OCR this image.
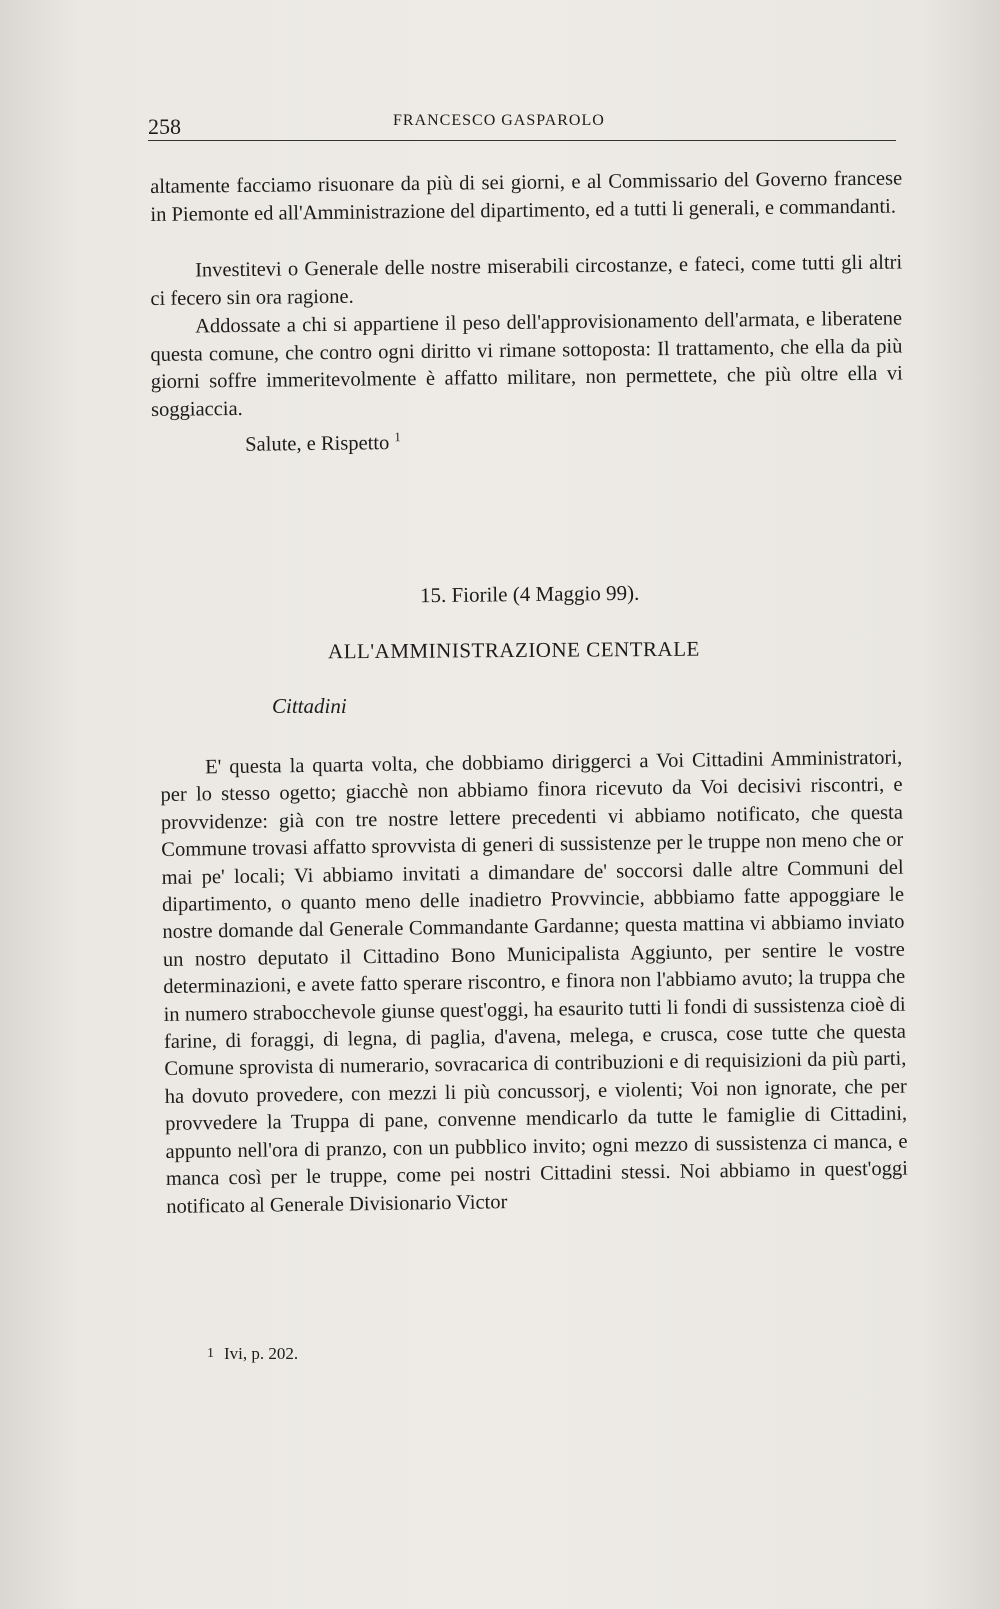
258	FRANCESCO GASPAROLO

altamente facciamo risuonare da più di sei giorni, e al Commissario del Governo francese in Piemonte ed all'Amministrazione del dipartimento, ed a tutti li generali, e commandanti.

Investitevi o Generale delle nostre miserabili circostanze, e fateci, come tutti gli altri ci fecero sin ora ragione.

Addossate a chi si appartiene il peso dell'approvisionamento dell'armata, e liberatene questa comune, che contro ogni diritto vi rimane sottoposta: Il trattamento, che ella da più giorni soffre immeritevolmente è affatto militare, non permettete, che più oltre ella vi soggiaccia.

Salute, e Rispetto $^1$

15. Fiorile (4 Maggio 99).
ALL'AMMINISTRAZIONE CENTRALE
Cittadini

E' questa la quarta volta, che dobbiamo diriggerci a Voi Cittadini Amministratori, per lo stesso ogetto; giacchè non abbiamo finora ricevuto da Voi decisivi riscontri, e provvidenze: già con tre nostre lettere precedenti vi abbiamo notificato, che questa Commune trovasi affatto sprovvista di generi di sussistenze per le truppe non meno che or mai pe' locali; Vi abbiamo invitati a dimandare de' soccorsi dalle altre Communi del dipartimento, o quanto meno delle inadietro Provvincie, abbbiamo fatte appoggiare le nostre domande dal Generale Commandante Gardanne; questa mattina vi abbiamo inviato un nostro deputato il Cittadino Bono Municipalista Aggiunto, per sentire le vostre determinazioni, e avete fatto sperare riscontro, e finora non l'abbiamo avuto; la truppa che in numero strabocchevole giunse quest'oggi, ha esaurito tutti li fondi di sussistenza cioè di farine, di foraggi, di legna, di paglia, d'avena, melega, e crusca, cose tutte che questa Comune sprovista di numerario, sovracarica di contribuzioni e di requisizioni da più parti, ha dovuto provedere, con mezzi li più concussorj, e violenti; Voi non ignorate, che per provvedere la Truppa di pane, convenne mendicarlo da tutte le famiglie di Cittadini, appunto nell'ora di pranzo, con un pubblico invito; ogni mezzo di sussistenza ci manca, e manca così per le truppe, come pei nostri Cittadini stessi. Noi abbiamo in quest'oggi notificato al Generale Divisionario Victor

1 Ivi, p. 202.
